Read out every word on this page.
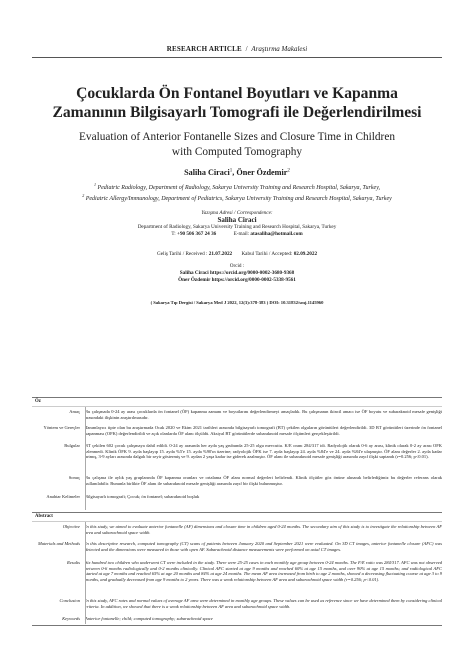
RESEARCH ARTICLE / Araştırma Makalesi
Çocuklarda Ön Fontanel Boyutları ve Kapanma
Zamanının Bilgisayarlı Tomografi ile Değerlendirilmesi
Evaluation of Anterior Fontanelle Sizes and Closure Time in Children
with Computed Tomography
Saliha Ciraci$^1$, Öner Özdemir$^2$
$^1$ Pediatric Radiology, Department of Radiology, Sakarya University Training and Research Hospital, Sakarya, Turkey,
$^2$ Pediatric Allergy/Immunology, Department of Pediatrics, Sakarya University Training and Research Hospital, Sakarya, Turkey
Yazışma Adresi / Correspondence:
Saliha Ciraci
Department of Radiology, Sakarya University Training and Research Hospital, Sakarya, Turkey
T: +90 506 367 24 36	E-mail: atasaliha@hotmail.com
Geliş Tarihi / Received : 21.07.2022 Kabul Tarihi / Accepted: 02.09.2022
Orcid :
Saliha Ciraci https://orcid.org/0000-0002-3680-9368
Öner Özdemir https://orcid.org/0000-0002-5338-9561
( Sakarya Tıp Dergisi / Sakarya Med J 2022, 12(3):378-383 ) DOI: 10.31832/smj.1145960
Öz
Amaç	Bu çalışmada 0-24 ay arası çocuklarda ön fontanel (ÖF) kapanma zamanı ve boyutlarını değerlendirmeyi amaçladık. Bu çalışmanın ikincil amacı ise ÖF boyutu ve subaraknoid mesafe genişliği arasındaki ilişkinin araştırılmasıdır.
Yöntem ve Gereçler	Tanımlayıcı tipte olan bu araştırmada Ocak 2020 ve Ekim 2021 tarihleri arasında bilgisayarlı tomografi (BT) çekilen olguların görüntüleri değerlendirildi. 3D BT görüntüleri üzerinde ön fontanel kapanması (OFK) değerlendirildi ve açık olanlarda ÖF alanı ölçüldü. Aksiyal BT görüntülerde subaraknoid mesafe ölçümleri gerçekleştirildi.
Bulgular	BT çekilen 602 çocuk çalışmaya dahil edildi. 0-24 ay arasında her ayda yaş grubunda 25-25 olgu mevcuttu. K/E oranı 284/317 idi. Radyolojik olarak 0-6 ay arası, klinik olarak 0-2 ay arası OFK izlenmedi. Klinik ÖFK 9. ayda başlayıp 15. ayda %5'e 15. ayda %90'ın üzerine; radyolojik ÖFK ise 7. ayda başlayıp 24. ayda %84'e ve 24. ayda %84'e ulaşmıştır. ÖF alanı değerler 2. ayda kadar artmış, 3-9 ayları arasında dalgalı bir seyir göstermiş ve 9. aydan 2 yaşa kadar ise giderek azalmıştır. ÖF alanı ile subaraknoid mesafe genişliği arasında zayıf ilişki saptandı (r=0.256; p<0.01).
Sonuç	Bu çalışma ile aylık yaş gruplarında ÖF kapanma oranları ve ortalama ÖF alanı normal değerleri belirlendi. Klinik ölçütler göz önüne alınarak belirlediğimiz bu değerler referans olarak kullanılabilir. Bununla birlikte ÖF alanı ile subaraknoid mesafe genişliği arasında zayıf bir ilişki bulunmuştur.
Anahtar Kelimeler	Bilgisayarlı tomografi; Çocuk; ön fontanel; subaraknoid boşluk
Abstract
Objective	In this study, we aimed to evaluate anterior fontanelle (AF) dimensions and closure time in children aged 0-24 months. The secondary aim of this study is to investigate the relationship between AF area and subarachnoid space width.
Materials and Methods	In this descriptive research, computed tomography (CT) scans of patients between January 2020 and September 2021 were evaluated. On 3D CT images, anterior fontanelle closure (AFC) was detected and the dimensions were measured in those with open AF. Subarachnoid distance measurements were performed on axial CT images.
Results	Six hundred two children who underwent CT were included in the study. There were 25-25 cases in each monthly age group between 0-24 months. The F/E ratio was 284/317. AFC was not observed between 0-6 months radiologically and 0-2 months clinically. Clinical AFC started at age 9 months and reached 60% at age 15 months, and over 90% at age 15 months; and radiological AFC started at age 7 months and reached 65% at age 20 months and 84% at age 24 months. The mean AF area increased from birth to age 2 months, showed a decreasing fluctuating course at age 3 to 9 months, and gradually decreased from age 9 months to 2 years. There was a weak relationship between AF area and subarachnoid space width (r=0.256; p<0.01).
Conclusion	In this study, AFC rates and normal values of average AF area were determined in monthly age groups. These values can be used as reference since we have determined them by considering clinical criteria. In addition, we showed that there is a weak relationship between AF area and subarachnoid space width.
Keywords	Anterior fontanelle; child; computed tomography; subarachnoid space
